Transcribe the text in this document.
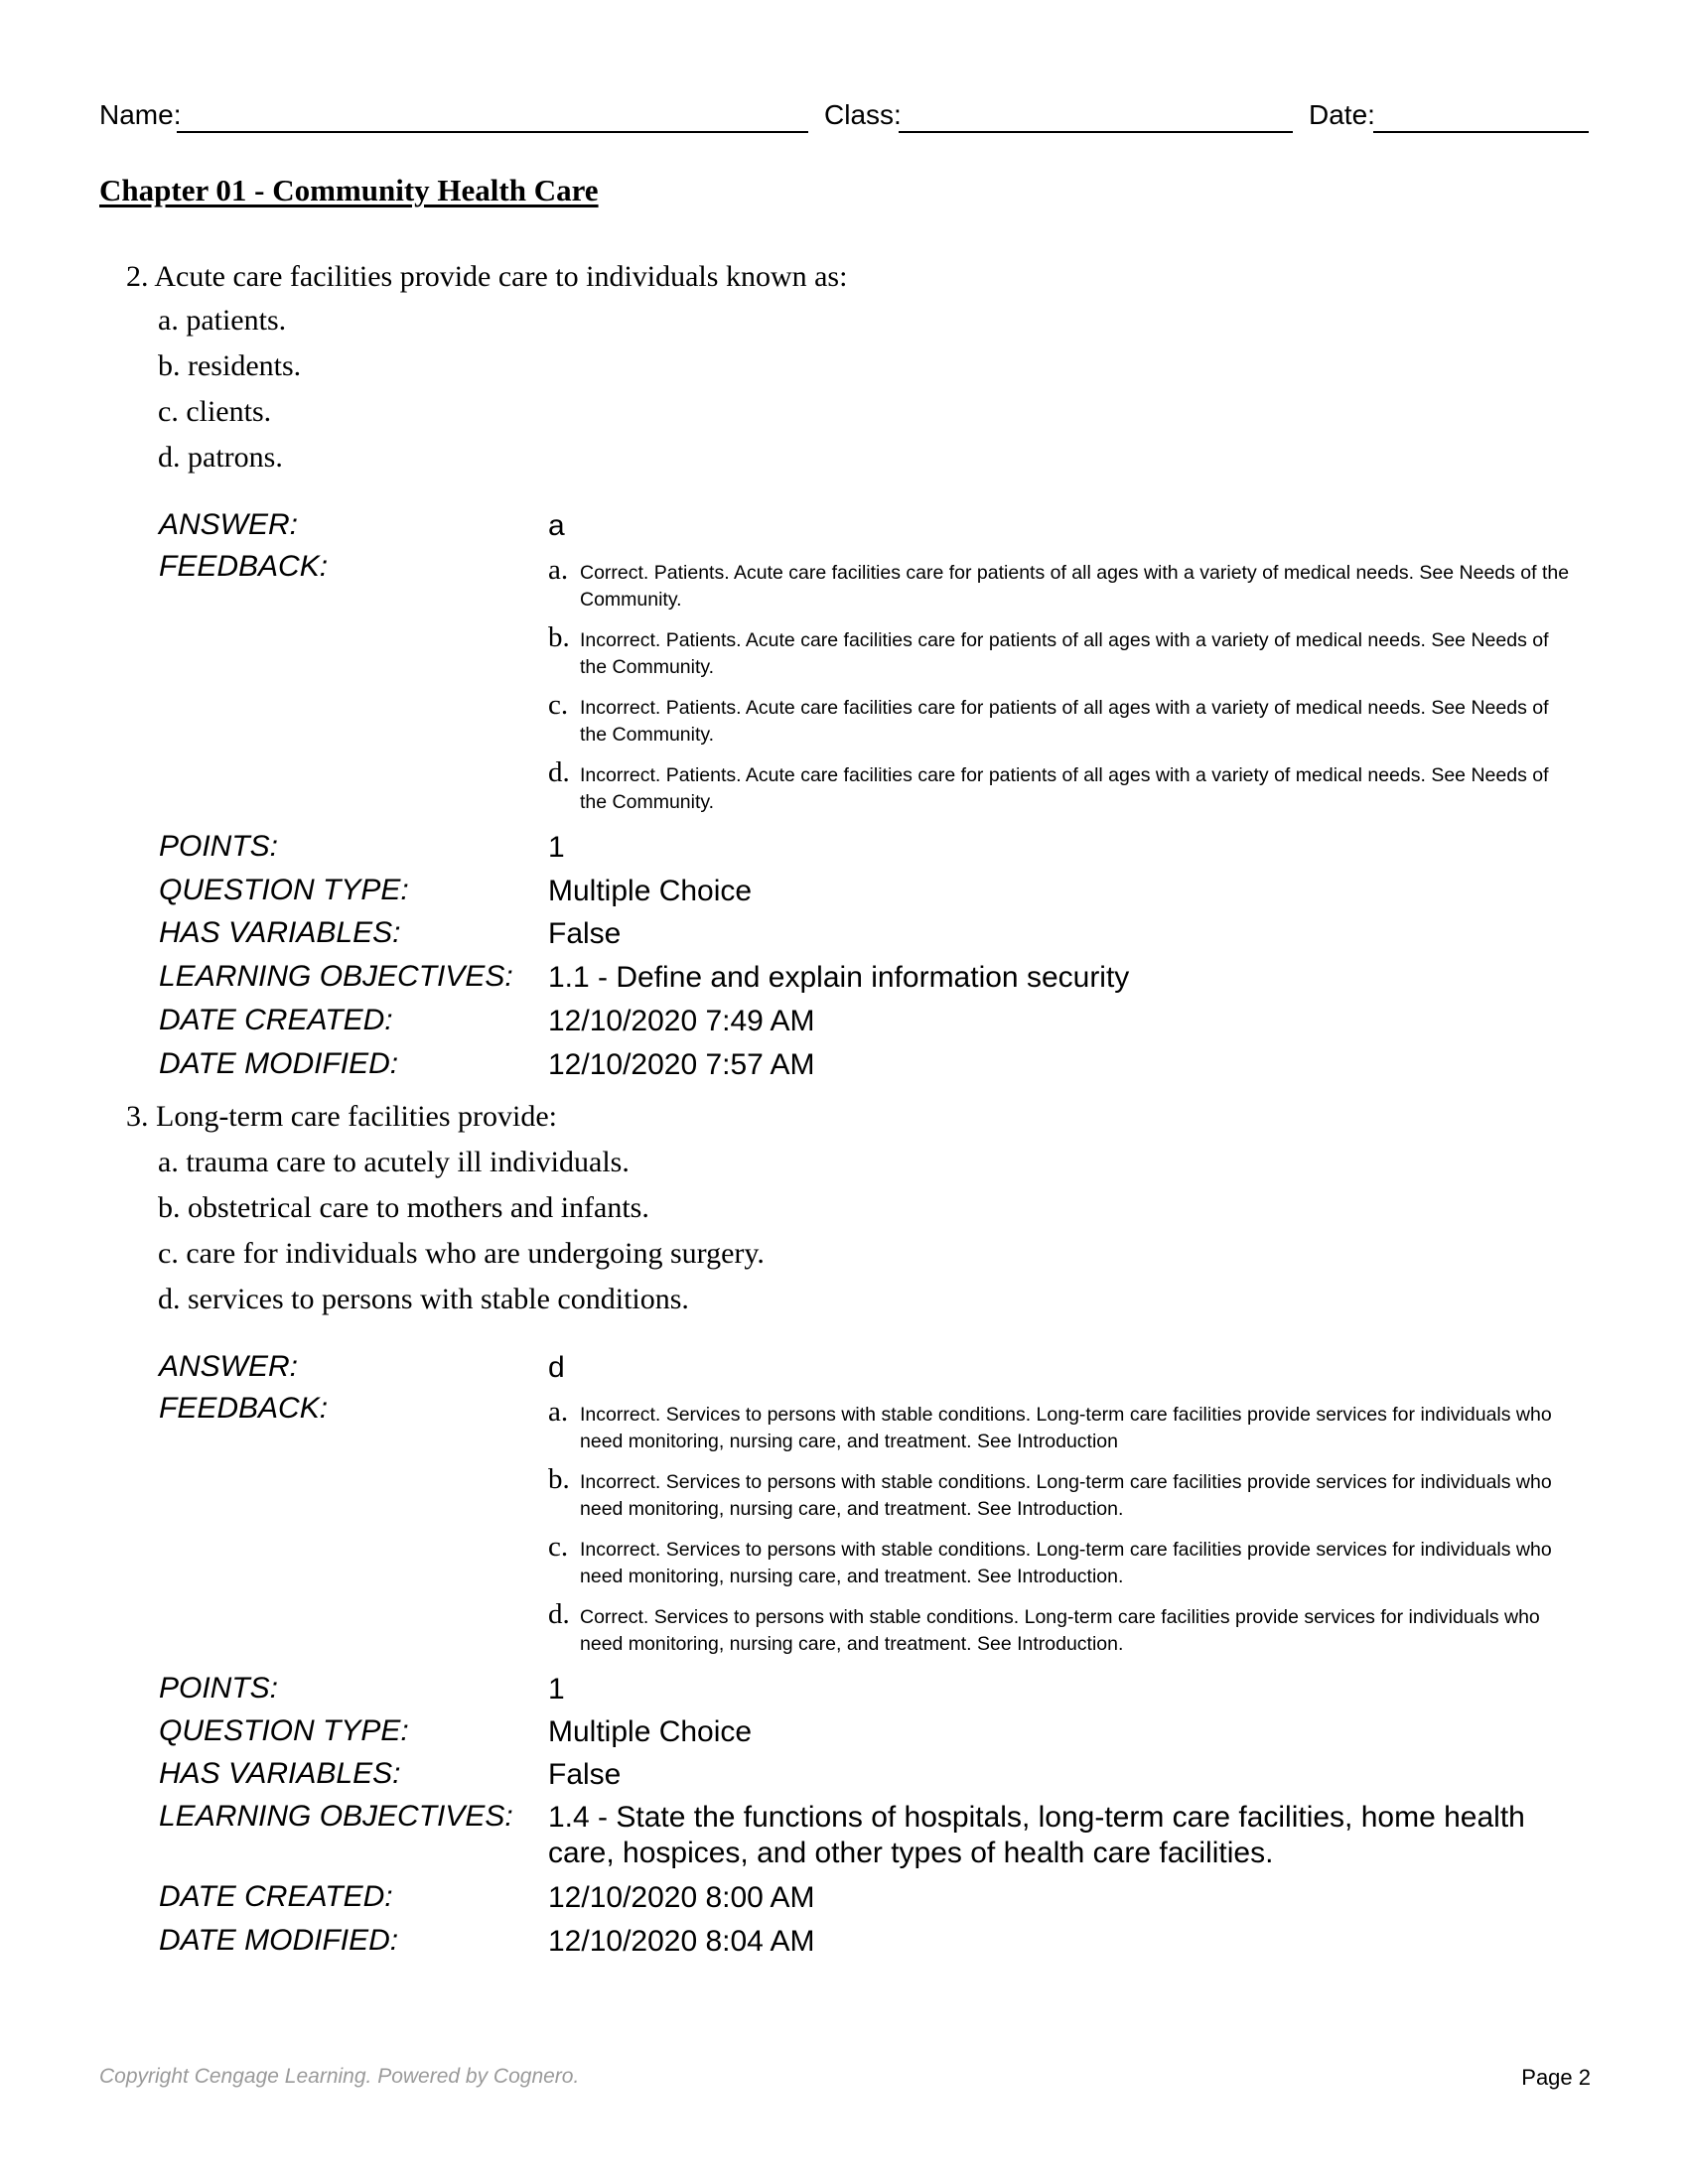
Name:	Class:	Date:
Chapter 01 - Community Health Care
2. Acute care facilities provide care to individuals known as:
a. patients.
b. residents.
c. clients.
d. patrons.
ANSWER:	a
FEEDBACK:	a. Correct. Patients. Acute care facilities care for patients of all ages with a variety of medical needs. See Needs of the Community.
b. Incorrect. Patients. Acute care facilities care for patients of all ages with a variety of medical needs. See Needs of the Community.
c. Incorrect. Patients. Acute care facilities care for patients of all ages with a variety of medical needs. See Needs of the Community.
d. Incorrect. Patients. Acute care facilities care for patients of all ages with a variety of medical needs. See Needs of the Community.
POINTS:	1
QUESTION TYPE:	Multiple Choice
HAS VARIABLES:	False
LEARNING OBJECTIVES: 1.1 - Define and explain information security
DATE CREATED:	12/10/2020 7:49 AM
DATE MODIFIED:	12/10/2020 7:57 AM
3. Long-term care facilities provide:
a. trauma care to acutely ill individuals.
b. obstetrical care to mothers and infants.
c. care for individuals who are undergoing surgery.
d. services to persons with stable conditions.
ANSWER:	d
FEEDBACK:	a. Incorrect. Services to persons with stable conditions. Long-term care facilities provide services for individuals who need monitoring, nursing care, and treatment. See Introduction
b. Incorrect. Services to persons with stable conditions. Long-term care facilities provide services for individuals who need monitoring, nursing care, and treatment. See Introduction.
c. Incorrect. Services to persons with stable conditions. Long-term care facilities provide services for individuals who need monitoring, nursing care, and treatment. See Introduction.
d. Correct. Services to persons with stable conditions. Long-term care facilities provide services for individuals who need monitoring, nursing care, and treatment. See Introduction.
POINTS:	1
QUESTION TYPE:	Multiple Choice
HAS VARIABLES:	False
LEARNING OBJECTIVES: 1.4 - State the functions of hospitals, long-term care facilities, home health care, hospices, and other types of health care facilities.
DATE CREATED:	12/10/2020 8:00 AM
DATE MODIFIED:	12/10/2020 8:04 AM
Copyright Cengage Learning. Powered by Cognero.	Page 2
